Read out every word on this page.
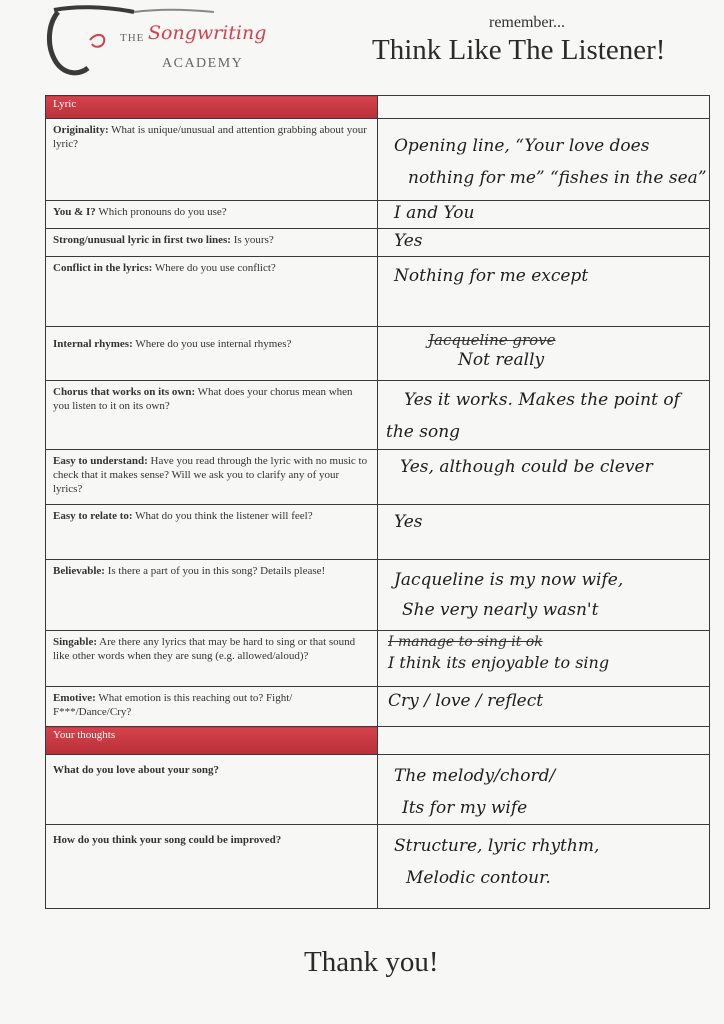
THE Songwriting
ACADEMY
remember...
Think Like The Listener!
Lyric	
Originality: What is unique/unusual and attention grabbing about your lyric?	Opening line, “Your love does
nothing for me” “fishes in the sea”

You & I? Which pronouns do you use?	I and You

Strong/unusual lyric in first two lines: Is yours?	Yes

Conflict in the lyrics: Where do you use conflict?	Nothing for me except

Internal rhymes: Where do you use internal rhymes?	Jacqueline grove
Not really

Chorus that works on its own: What does your chorus mean when you listen to it on its own?	Yes it works. Makes the point of
the song

Easy to understand: Have you read through the lyric with no music to check that it makes sense? Will we ask you to clarify any of your lyrics?	Yes, although could be clever

Easy to relate to: What do you think the listener will feel?	Yes

Believable: Is there a part of you in this song? Details please!	Jacqueline is my now wife,
She very nearly wasn't

Singable: Are there any lyrics that may be hard to sing or that sound like other words when they are sung (e.g. allowed/aloud)?	I manage to sing it ok
I think its enjoyable to sing

Emotive: What emotion is this reaching out to? Fight/ F***/Dance/Cry?	Cry / love / reflect

Your thoughts	
What do you love about your song?	The melody/chord/
Its for my wife

How do you think your song could be improved?	Structure, lyric rhythm,
Melodic contour.
Thank you!
